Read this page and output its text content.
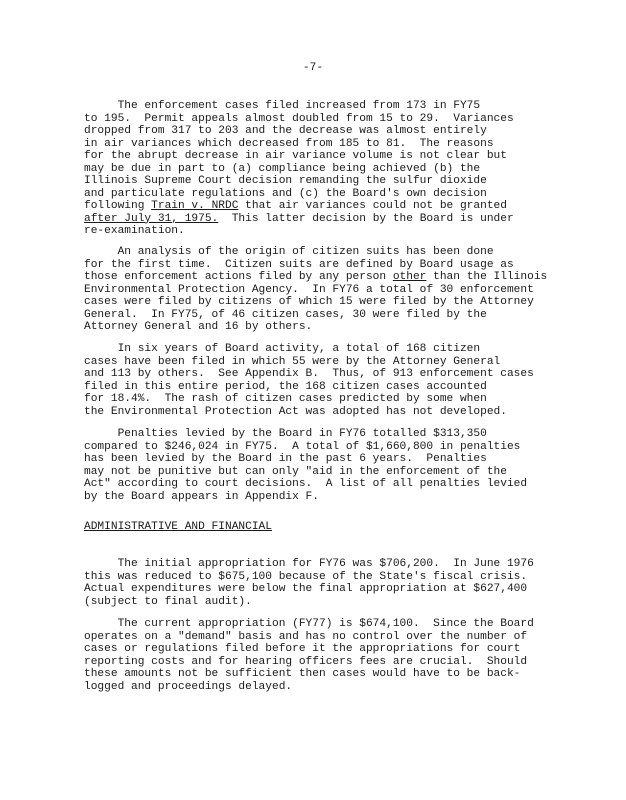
-7-
The enforcement cases filed increased from 173 in FY75
to 195.  Permit appeals almost doubled from 15 to 29.  Variances
dropped from 317 to 203 and the decrease was almost entirely
in air variances which decreased from 185 to 81.  The reasons
for the abrupt decrease in air variance volume is not clear but
may be due in part to (a) compliance being achieved (b) the
Illinois Supreme Court decision remanding the sulfur dioxide
and particulate regulations and (c) the Board's own decision
following Train v. NRDC that air variances could not be granted
after July 31, 1975.  This latter decision by the Board is under
re-examination.
An analysis of the origin of citizen suits has been done
for the first time.  Citizen suits are defined by Board usage as
those enforcement actions filed by any person other than the Illinois
Environmental Protection Agency.  In FY76 a total of 30 enforcement
cases were filed by citizens of which 15 were filed by the Attorney
General.  In FY75, of 46 citizen cases, 30 were filed by the
Attorney General and 16 by others.
In six years of Board activity, a total of 168 citizen
cases have been filed in which 55 were by the Attorney General
and 113 by others.  See Appendix B.  Thus, of 913 enforcement cases
filed in this entire period, the 168 citizen cases accounted
for 18.4%.  The rash of citizen cases predicted by some when
the Environmental Protection Act was adopted has not developed.
Penalties levied by the Board in FY76 totalled $313,350
compared to $246,024 in FY75.  A total of $1,660,800 in penalties
has been levied by the Board in the past 6 years.  Penalties
may not be punitive but can only "aid in the enforcement of the
Act" according to court decisions.  A list of all penalties levied
by the Board appears in Appendix F.
ADMINISTRATIVE AND FINANCIAL
The initial appropriation for FY76 was $706,200.  In June 1976
this was reduced to $675,100 because of the State's fiscal crisis.
Actual expenditures were below the final appropriation at $627,400
(subject to final audit).
The current appropriation (FY77) is $674,100.  Since the Board
operates on a "demand" basis and has no control over the number of
cases or regulations filed before it the appropriations for court
reporting costs and for hearing officers fees are crucial.  Should
these amounts not be sufficient then cases would have to be back-
logged and proceedings delayed.
